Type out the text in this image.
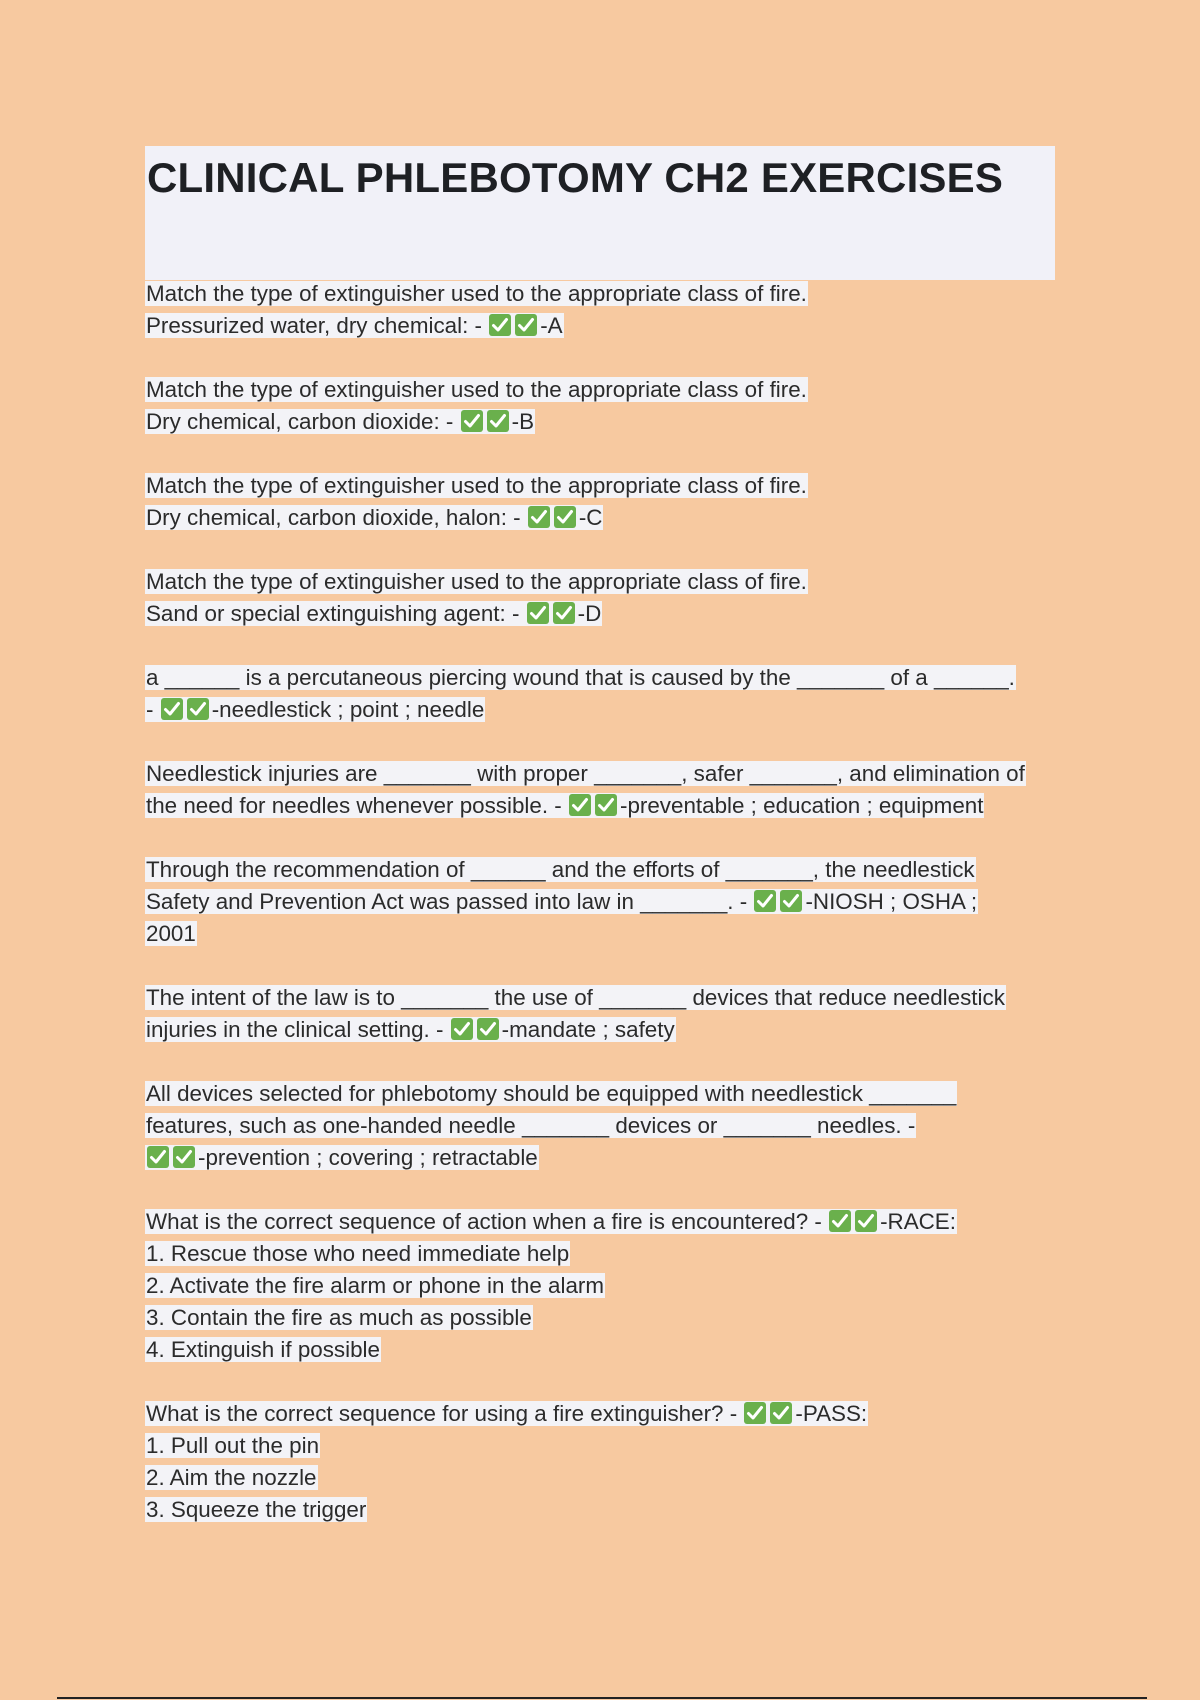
CLINICAL PHLEBOTOMY CH2 EXERCISES
Match the type of extinguisher used to the appropriate class of fire.
Pressurized water, dry chemical: -	-A
Match the type of extinguisher used to the appropriate class of fire.
Dry chemical, carbon dioxide: -	-B
Match the type of extinguisher used to the appropriate class of fire.
Dry chemical, carbon dioxide, halon: -	-C
Match the type of extinguisher used to the appropriate class of fire.
Sand or special extinguishing agent: -	-D
a ______ is a percutaneous piercing wound that is caused by the _______ of a ______.
-	-needlestick ; point ; needle
Needlestick injuries are _______ with proper _______, safer _______, and elimination of
the need for needles whenever possible. -	-preventable ; education ; equipment
Through the recommendation of ______ and the efforts of _______, the needlestick
Safety and Prevention Act was passed into law in _______. -	-NIOSH ; OSHA ;
2001
The intent of the law is to _______ the use of _______ devices that reduce needlestick
injuries in the clinical setting. -	-mandate ; safety
All devices selected for phlebotomy should be equipped with needlestick _______
features, such as one-handed needle _______ devices or _______ needles. -
-prevention ; covering ; retractable
What is the correct sequence of action when a fire is encountered? -	-RACE:
1. Rescue those who need immediate help
2. Activate the fire alarm or phone in the alarm
3. Contain the fire as much as possible
4. Extinguish if possible
What is the correct sequence for using a fire extinguisher? -	-PASS:
1. Pull out the pin
2. Aim the nozzle
3. Squeeze the trigger
